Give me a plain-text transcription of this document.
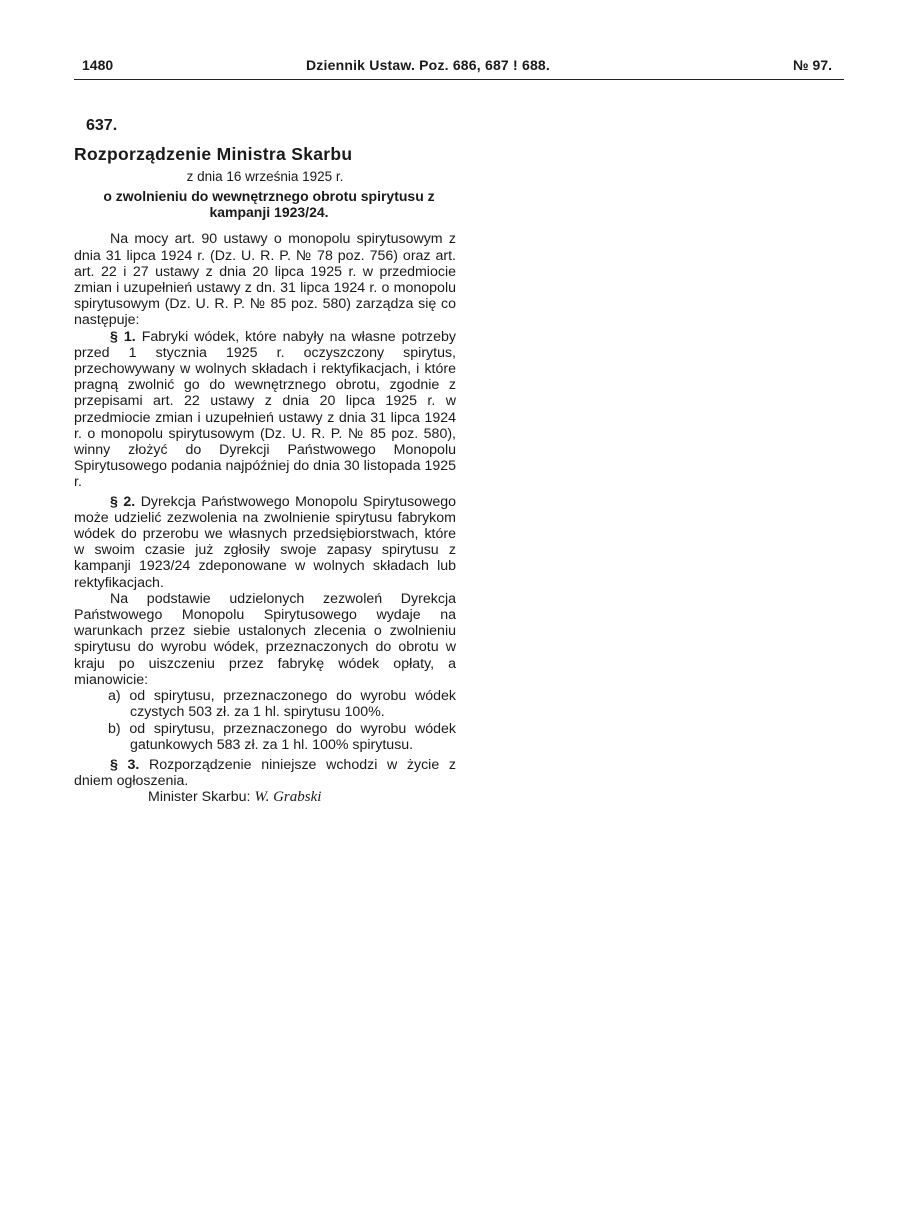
1480	Dziennik Ustaw. Poz. 686, 687 ! 688.	№ 97.

637.

Rozporządzenie Ministra Skarbu

z dnia 16 września 1925 r.

o zwolnieniu do wewnętrznego obrotu spirytusu z kampanji 1923/24.

Na mocy art. 90 ustawy o monopolu spirytusowym z dnia 31 lipca 1924 r. (Dz. U. R. P. № 78 poz. 756) oraz art. art. 22 i 27 ustawy z dnia 20 lipca 1925 r. w przedmiocie zmian i uzupełnień ustawy z dn. 31 lipca 1924 r. o monopolu spirytusowym (Dz. U. R. P. № 85 poz. 580) zarządza się co następuje:

§ 1. Fabryki wódek, które nabyły na własne potrzeby przed 1 stycznia 1925 r. oczyszczony spirytus, przechowywany w wolnych składach i rektyfikacjach, i które pragną zwolnić go do wewnętrznego obrotu, zgodnie z przepisami art. 22 ustawy z dnia 20 lipca 1925 r. w przedmiocie zmian i uzupełnień ustawy z dnia 31 lipca 1924 r. o monopolu spirytusowym (Dz. U. R. P. № 85 poz. 580), winny złożyć do Dyrekcji Państwowego Monopolu Spirytusowego podania najpóźniej do dnia 30 listopada 1925 r.

§ 2. Dyrekcja Państwowego Monopolu Spirytusowego może udzielić zezwolenia na zwolnienie spirytusu fabrykom wódek do przerobu we własnych przedsiębiorstwach, które w swoim czasie już zgłosiły swoje zapasy spirytusu z kampanji 1923/24 zdeponowane w wolnych składach lub rektyfikacjach.

Na podstawie udzielonych zezwoleń Dyrekcja Państwowego Monopolu Spirytusowego wydaje na warunkach przez siebie ustalonych zlecenia o zwolnieniu spirytusu do wyrobu wódek, przeznaczonych do obrotu w kraju po uiszczeniu przez fabrykę wódek opłaty, a mianowicie:

a) od spirytusu, przeznaczonego do wyrobu wódek czystych 503 zł. za 1 hl. spirytusu 100%.

b) od spirytusu, przeznaczonego do wyrobu wódek gatunkowych 583 zł. za 1 hl. 100% spirytusu.

§ 3. Rozporządzenie niniejsze wchodzi w życie z dniem ogłoszenia.

Minister Skarbu: W. Grabski
